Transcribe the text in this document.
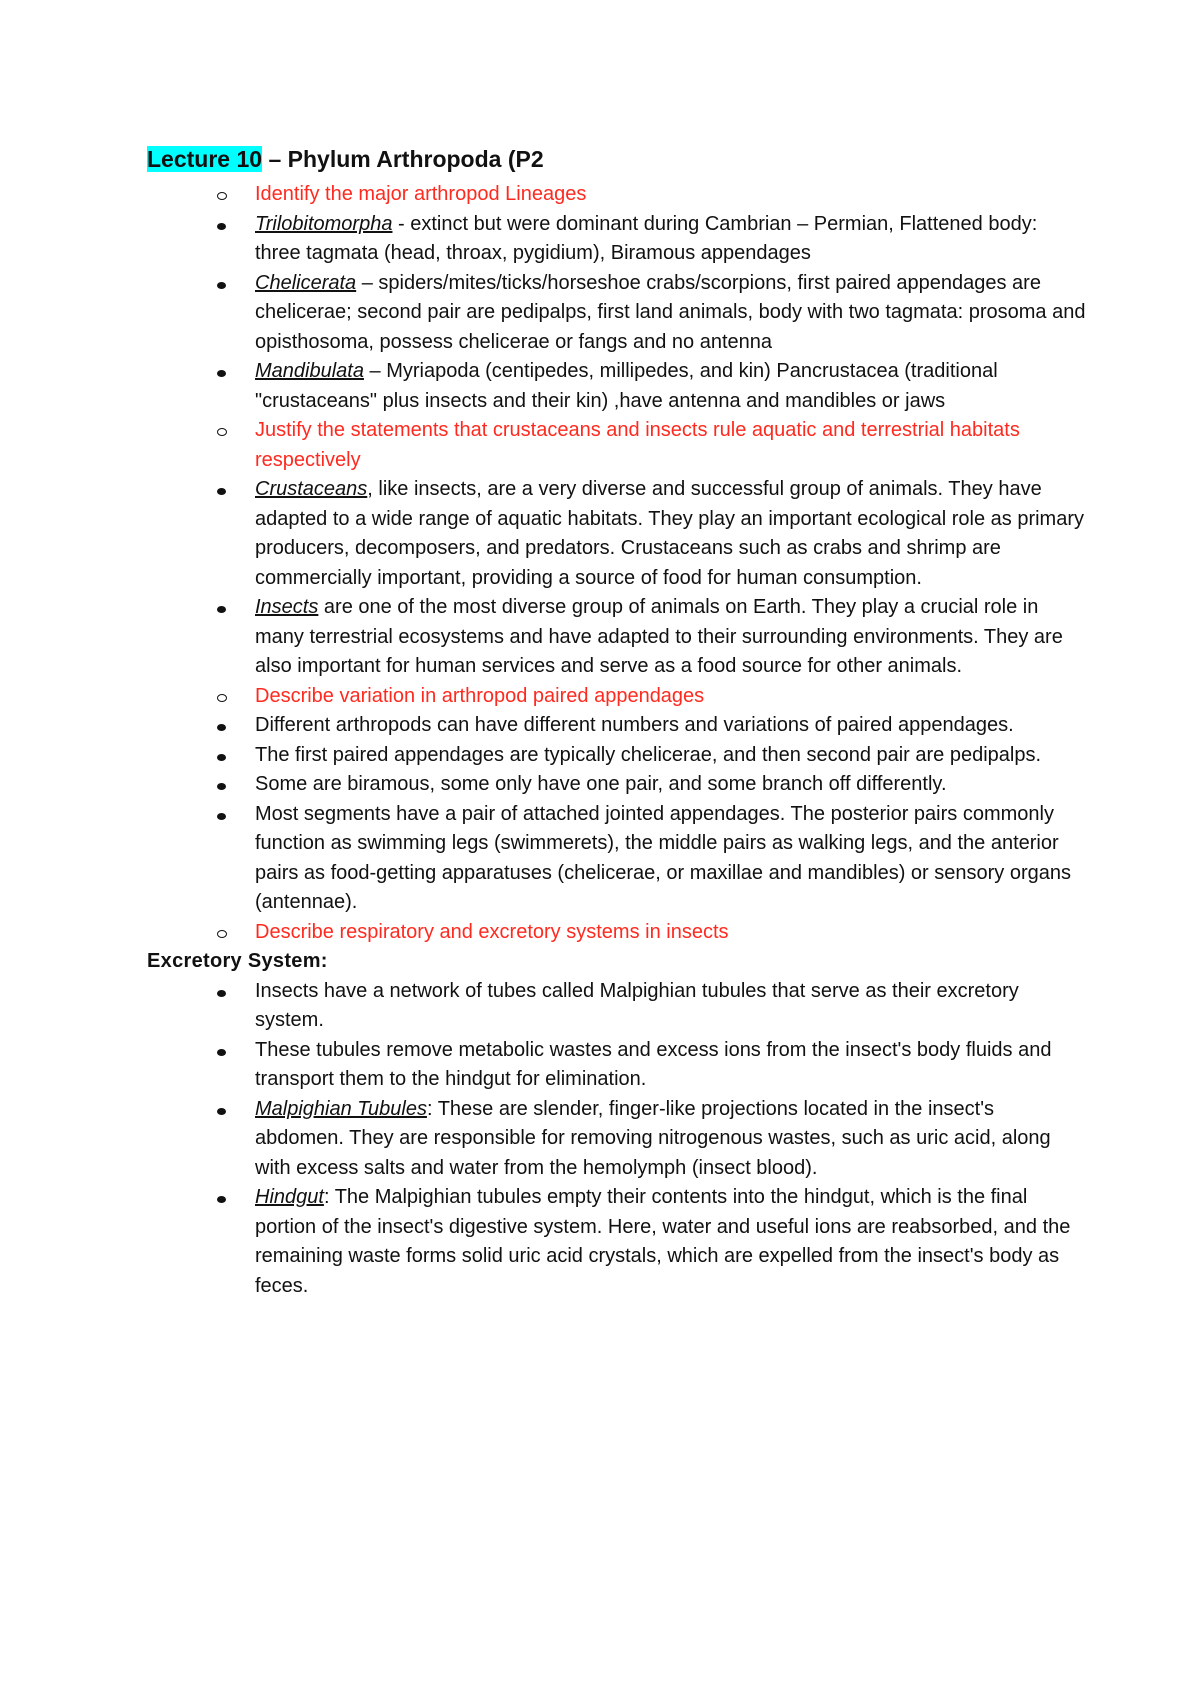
Lecture 10 – Phylum Arthropoda (P2
Identify the major arthropod Lineages
Trilobitomorpha - extinct but were dominant during Cambrian – Permian, Flattened body: three tagmata (head, throax, pygidium), Biramous appendages
Chelicerata – spiders/mites/ticks/horseshoe crabs/scorpions, first paired appendages are chelicerae; second pair are pedipalps, first land animals, body with two tagmata: prosoma and opisthosoma, possess chelicerae or fangs and no antenna
Mandibulata – Myriapoda (centipedes, millipedes, and kin) Pancrustacea (traditional "crustaceans" plus insects and their kin) ,have antenna and mandibles or jaws
Justify the statements that crustaceans and insects rule aquatic and terrestrial habitats respectively
Crustaceans, like insects, are a very diverse and successful group of animals. They have adapted to a wide range of aquatic habitats. They play an important ecological role as primary producers, decomposers, and predators. Crustaceans such as crabs and shrimp are commercially important, providing a source of food for human consumption.
Insects are one of the most diverse group of animals on Earth. They play a crucial role in many terrestrial ecosystems and have adapted to their surrounding environments. They are also important for human services and serve as a food source for other animals.
Describe variation in arthropod paired appendages
Different arthropods can have different numbers and variations of paired appendages.
The first paired appendages are typically chelicerae, and then second pair are pedipalps.
Some are biramous, some only have one pair, and some branch off differently.
Most segments have a pair of attached jointed appendages. The posterior pairs commonly function as swimming legs (swimmerets), the middle pairs as walking legs, and the anterior pairs as food-getting apparatuses (chelicerae, or maxillae and mandibles) or sensory organs (antennae).
Describe respiratory and excretory systems in insects
Excretory System:
Insects have a network of tubes called Malpighian tubules that serve as their excretory system.
These tubules remove metabolic wastes and excess ions from the insect's body fluids and transport them to the hindgut for elimination.
Malpighian Tubules: These are slender, finger-like projections located in the insect's abdomen. They are responsible for removing nitrogenous wastes, such as uric acid, along with excess salts and water from the hemolymph (insect blood).
Hindgut: The Malpighian tubules empty their contents into the hindgut, which is the final portion of the insect's digestive system. Here, water and useful ions are reabsorbed, and the remaining waste forms solid uric acid crystals, which are expelled from the insect's body as feces.
